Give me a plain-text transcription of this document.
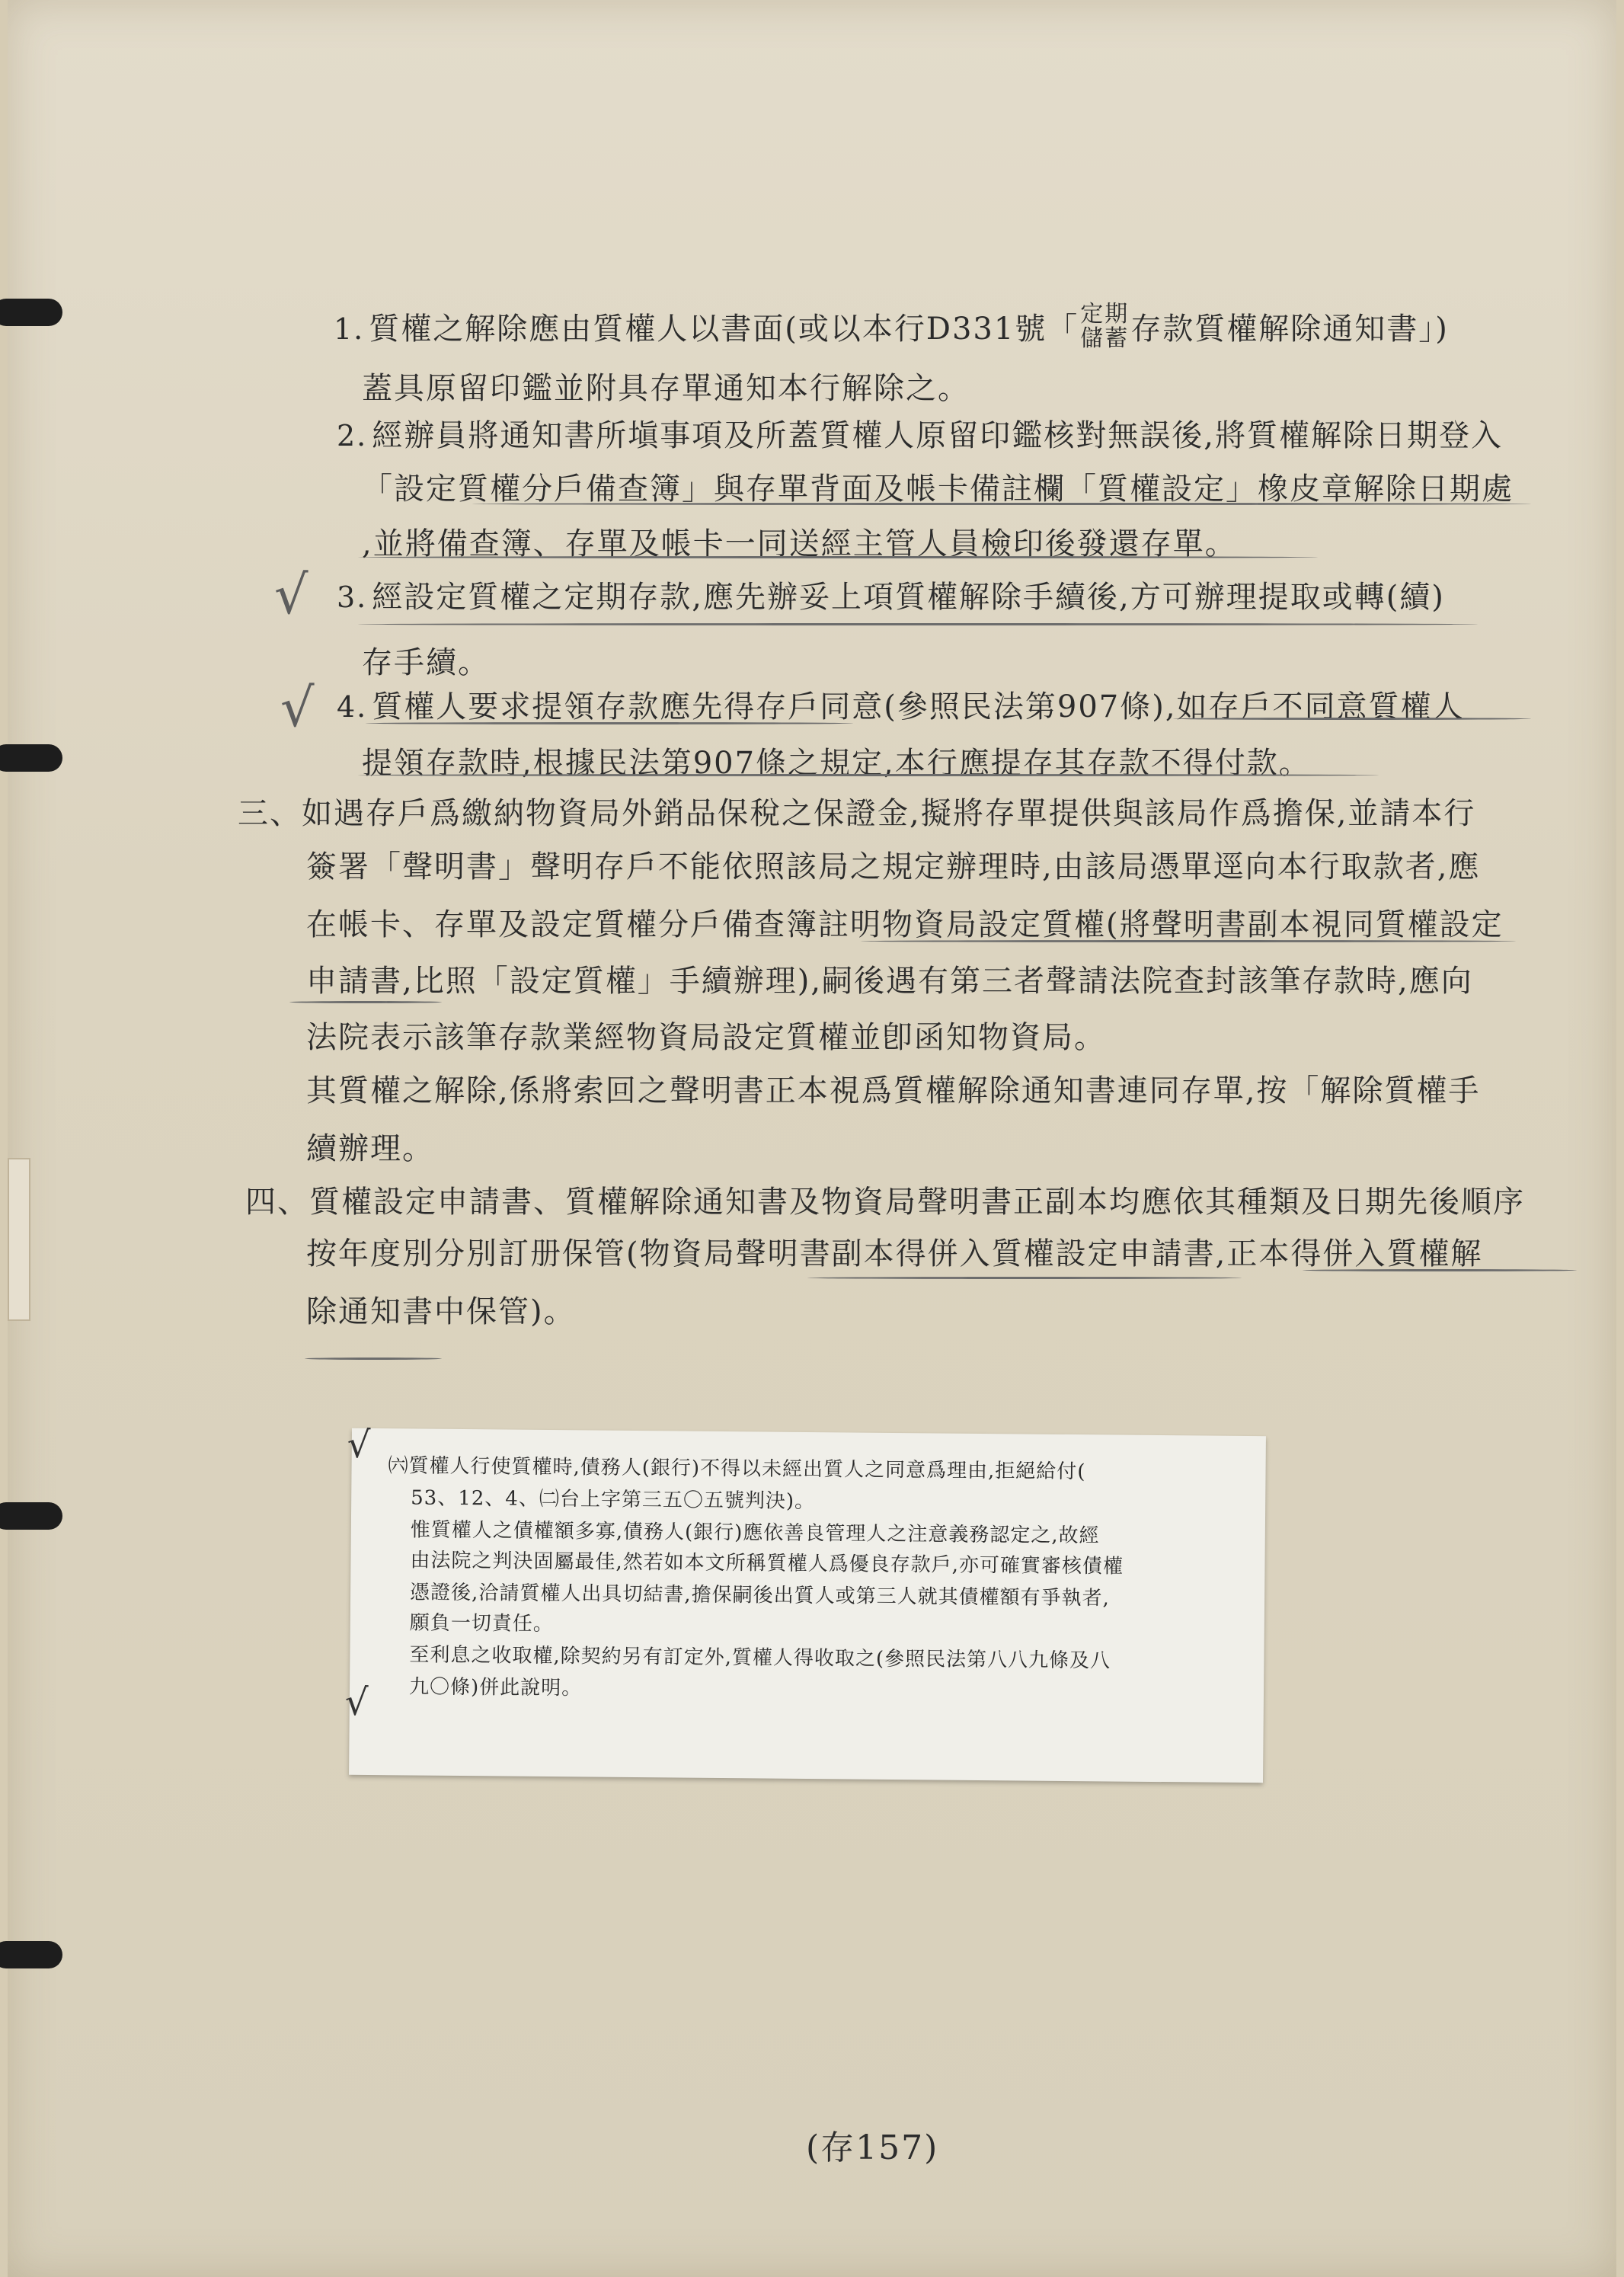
1. 質權之解除應由質權人以書面(或以本行D331號「 定期
儲蓄 存款質權解除通知書」)
蓋具原留印鑑並附具存單通知本行解除之。
2. 經辦員將通知書所塡事項及所蓋質權人原留印鑑核對無誤後,將質權解除日期登入
「設定質權分戶備查簿」與存單背面及帳卡備註欄「質權設定」橡皮章解除日期處
,並將備查簿、存單及帳卡一同送經主管人員檢印後發還存單。
3. 經設定質權之定期存款,應先辦妥上項質權解除手續後,方可辦理提取或轉(續)
存手續。
4. 質權人要求提領存款應先得存戶同意(參照民法第907條),如存戶不同意質權人
提領存款時,根據民法第907條之規定,本行應提存其存款不得付款。
三、如遇存戶爲繳納物資局外銷品保稅之保證金,擬將存單提供與該局作爲擔保,並請本行
簽署「聲明書」聲明存戶不能依照該局之規定辦理時,由該局憑單逕向本行取款者,應
在帳卡、存單及設定質權分戶備查簿註明物資局設定質權(將聲明書副本視同質權設定
申請書,比照「設定質權」手續辦理),嗣後遇有第三者聲請法院查封該筆存款時,應向
法院表示該筆存款業經物資局設定質權並卽函知物資局。
其質權之解除,係將索回之聲明書正本視爲質權解除通知書連同存單,按「解除質權手
續辦理。
四、質權設定申請書、質權解除通知書及物資局聲明書正副本均應依其種類及日期先後順序
按年度別分別訂册保管(物資局聲明書副本得併入質權設定申請書,正本得併入質權解
除通知書中保管)。
√
√
√
√
㈥質權人行使質權時,債務人(銀行)不得以未經出質人之同意爲理由,拒絕給付(
53、12、4、㈡台上字第三五〇五號判決)。
惟質權人之債權額多寡,債務人(銀行)應依善良管理人之注意義務認定之,故經
由法院之判決固屬最佳,然若如本文所稱質權人爲優良存款戶,亦可確實審核債權
憑證後,洽請質權人出具切結書,擔保嗣後出質人或第三人就其債權額有爭執者,
願負一切責任。
至利息之收取權,除契約另有訂定外,質權人得收取之(參照民法第八八九條及八
九〇條)併此說明。
(存157)
